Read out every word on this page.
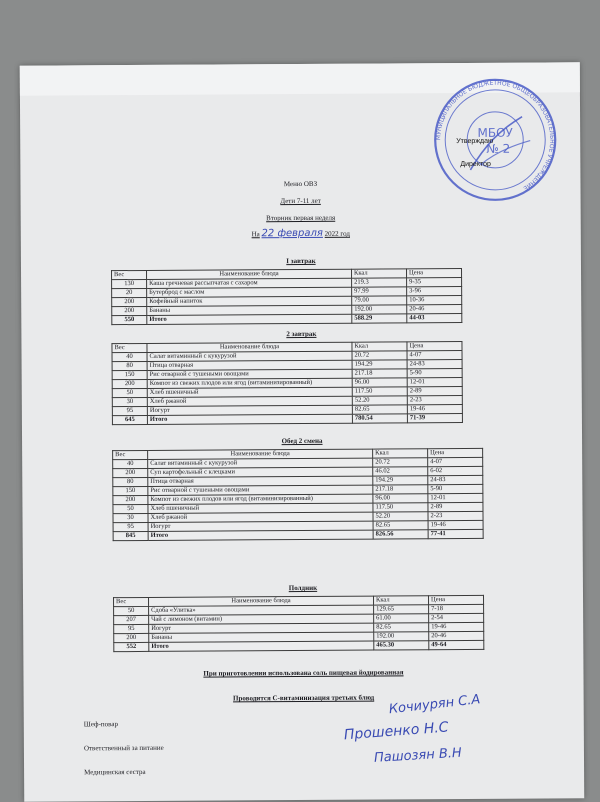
МУНИЦИПАЛЬНОЕ БЮДЖЕТНОЕ ОБЩЕОБРАЗОВАТЕЛЬНОЕ УЧРЕЖДЕНИЕ
МБОУ
№ 2
Утверждаю
Директор
Меню ОВЗ
Дети 7-11 лет
Вторник первая неделя
На 22 февраля 2022 год
I завтрак
Вес	Наименование блюда	Ккал	Цена
130	Каша гречневая рассыпчатая с сахаром	219.3	9-35
20	Бутерброд с маслом	97.99	3-96
200	Кофейный напиток	79.00	10-36
200	Бананы	192.00	20-46
550	Итого	588.29	44-03
2 завтрак
Вес	Наименование блюда	Ккал	Цена
40	Салат витаминный с кукурузой	20.72	4-07
80	Птица отварная	194.29	24-83
150	Рис отварной с тушеными овощами	217.18	5-90
200	Компот из свежих плодов или ягод (витаминизированный)	96.00	12-01
50	Хлеб пшеничный	117.50	2-89
30	Хлеб ржаной	52.20	2-23
95	Йогурт	82.65	19-46
645	Итого	780.54	71-39
Обед 2 смена
Вес	Наименование блюда	Ккал	Цена
40	Салат витаминный с кукурузой	20.72	4-07
200	Суп картофельный с клецками	46.02	6-02
80	Птица отварная	194.29	24-83
150	Рис отварной с тушеными овощами	217.18	5-90
200	Компот из свежих плодов или ягод (витаминизированный)	96.00	12-01
50	Хлеб пшеничный	117.50	2-89
30	Хлеб ржаной	52.20	2-23
95	Йогурт	82.65	19-46
845	Итого	826.56	77-41
Полдник
Вес	Наименование блюда	Ккал	Цена
50	Сдоба «Улитка»	129.65	7-18
207	Чай с лимоном (витамин)	61.00	2-54
95	Йогурт	82.65	19-46
200	Бананы	192.00	20-46
552	Итого	465.30	49-64
При приготовлении использована соль пищевая йодированная
Проводится С-витаминизация третьих блюд
Шеф-повар
Ответственный за питание
Медицинская сестра
Кочиурян С.А
Прошенко Н.С
Пашозян В.Н
